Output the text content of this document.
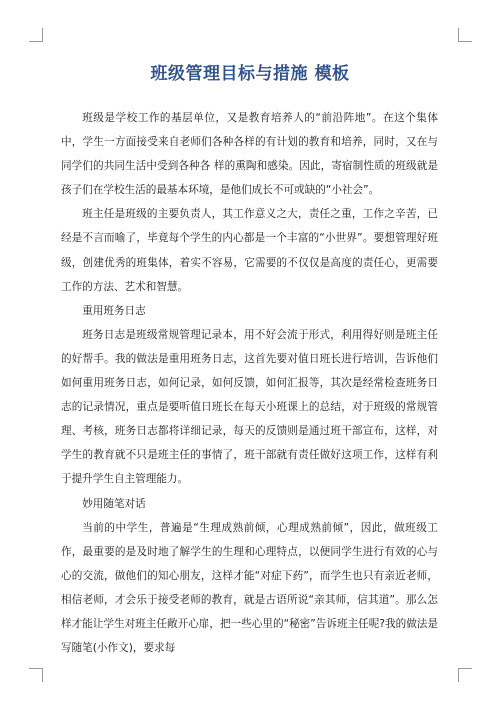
班级管理目标与措施 模板

班级是学校工作的基层单位，又是教育培养人的“前沿阵地”。在这个集体中，学生一方面接受来自老师们各种各样的有计划的教育和培养，同时，又在与同学们的共同生活中受到各种各 样的熏陶和感染。因此，寄宿制性质的班级就是孩子们在学校生活的最基本环境，是他们成长不可或缺的“小社会”。

班主任是班级的主要负责人，其工作意义之大，责任之重，工作之辛苦，已经是不言而喻了，毕竟每个学生的内心都是一个丰富的“小世界”。要想管理好班级，创建优秀的班集体，着实不容易，它需要的不仅仅是高度的责任心，更需要工作的方法、艺术和智慧。

重用班务日志

班务日志是班级常规管理记录本，用不好会流于形式，利用得好则是班主任的好帮手。我的做法是重用班务日志，这首先要对值日班长进行培训，告诉他们如何重用班务日志，如何记录，如何反馈，如何汇报等，其次是经常检查班务日志的记录情况，重点是要听值日班长在每天小班课上的总结，对于班级的常规管理、考核，班务日志都将详细记录，每天的反馈则是通过班干部宣布，这样，对学生的教育就不只是班主任的事情了，班干部就有责任做好这项工作，这样有利于提升学生自主管理能力。

妙用随笔对话

当前的中学生，普遍是“生理成熟前倾，心理成熟前倾”，因此，做班级工作，最重要的是及时地了解学生的生理和心理特点，以便同学生进行有效的心与心的交流，做他们的知心朋友，这样才能“对症下药”，而学生也只有亲近老师，相信老师，才会乐于接受老师的教育，就是古语所说“亲其师，信其道”。那么怎样才能让学生对班主任敞开心扉，把一些心里的“秘密”告诉班主任呢?我的做法是写随笔(小作文)，要求每
